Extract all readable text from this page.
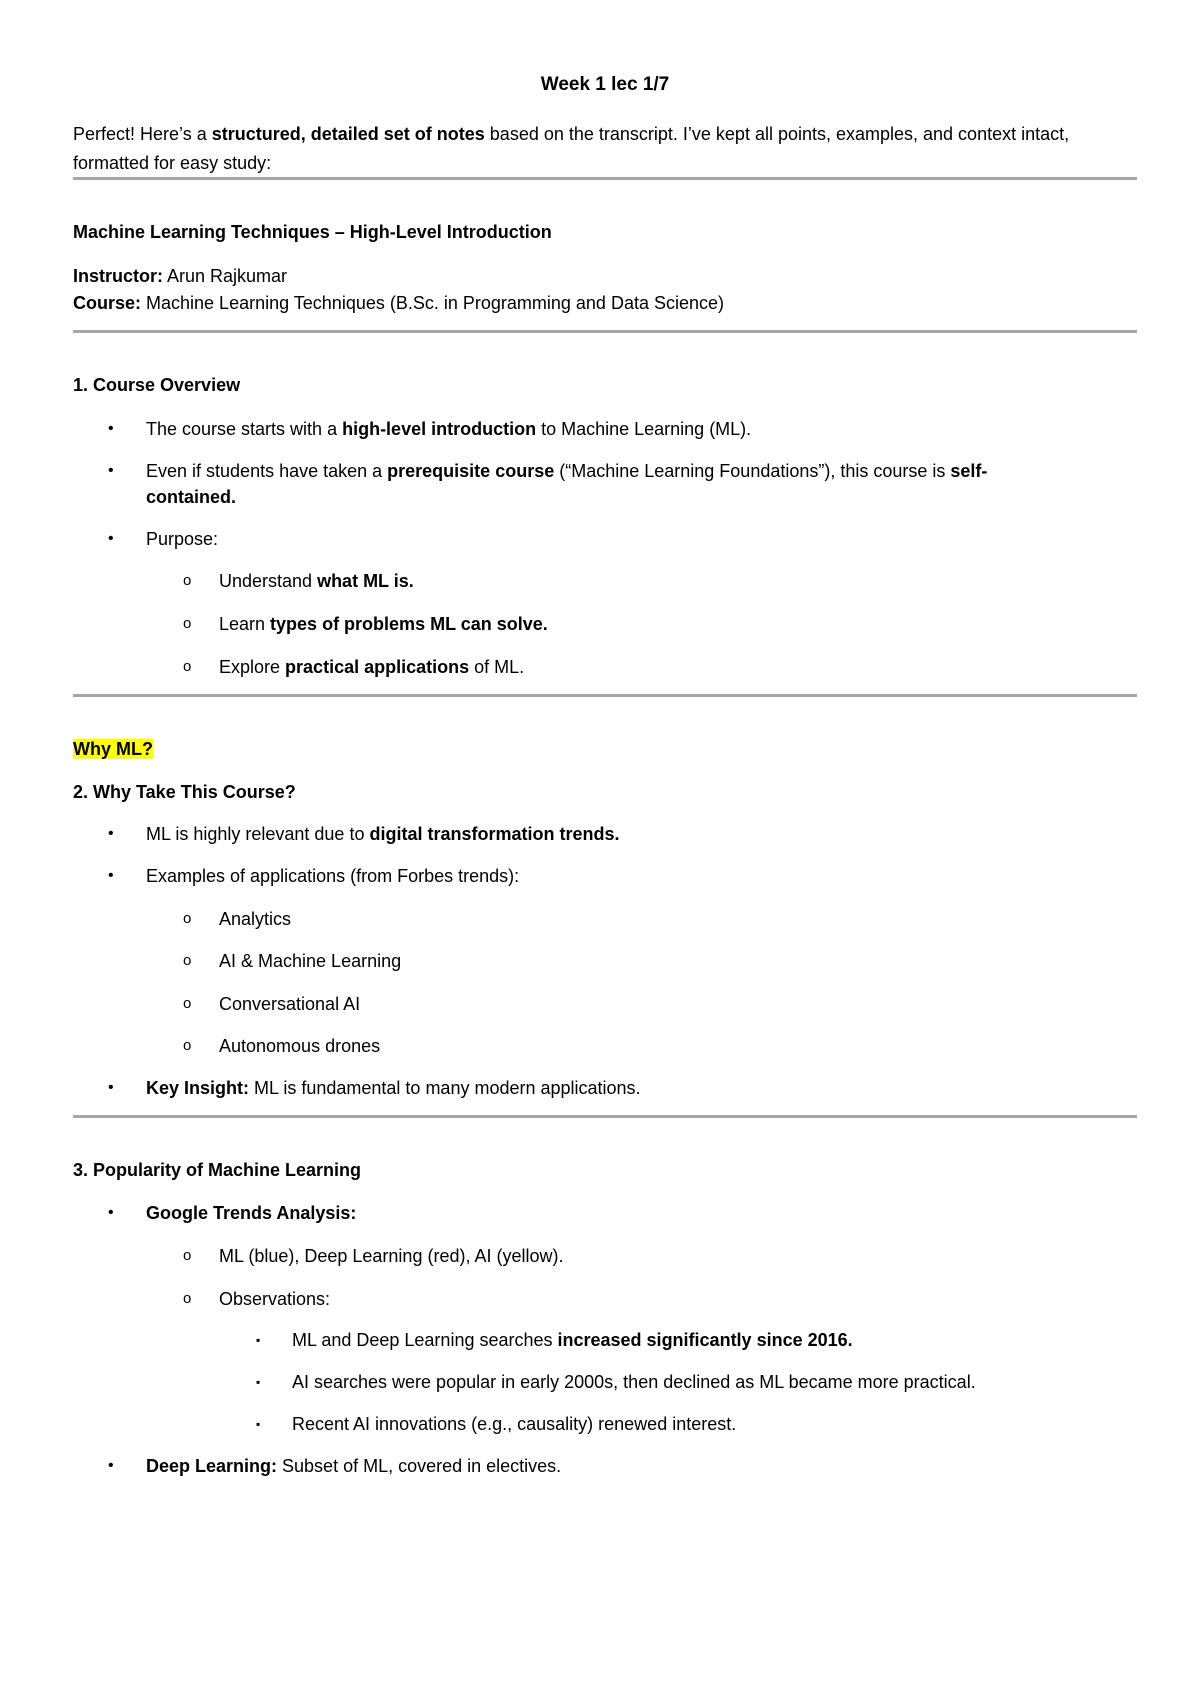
Week 1 lec 1/7
Perfect! Here’s a structured, detailed set of notes based on the transcript. I’ve kept all points, examples, and context intact, formatted for easy study:
Machine Learning Techniques – High-Level Introduction
Instructor: Arun Rajkumar
Course: Machine Learning Techniques (B.Sc. in Programming and Data Science)
1. Course Overview
• The course starts with a high-level introduction to Machine Learning (ML).
• Even if students have taken a prerequisite course (“Machine Learning Foundations”), this course is self-
contained.
• Purpose:
o Understand what ML is.
o Learn types of problems ML can solve.
o Explore practical applications of ML.
Why ML?
2. Why Take This Course?
• ML is highly relevant due to digital transformation trends.
• Examples of applications (from Forbes trends):
o Analytics
o AI & Machine Learning
o Conversational AI
o Autonomous drones
• Key Insight: ML is fundamental to many modern applications.
3. Popularity of Machine Learning
• Google Trends Analysis:
o ML (blue), Deep Learning (red), AI (yellow).
o Observations:
▪ ML and Deep Learning searches increased significantly since 2016.
▪ AI searches were popular in early 2000s, then declined as ML became more practical.
▪ Recent AI innovations (e.g., causality) renewed interest.
• Deep Learning: Subset of ML, covered in electives.
